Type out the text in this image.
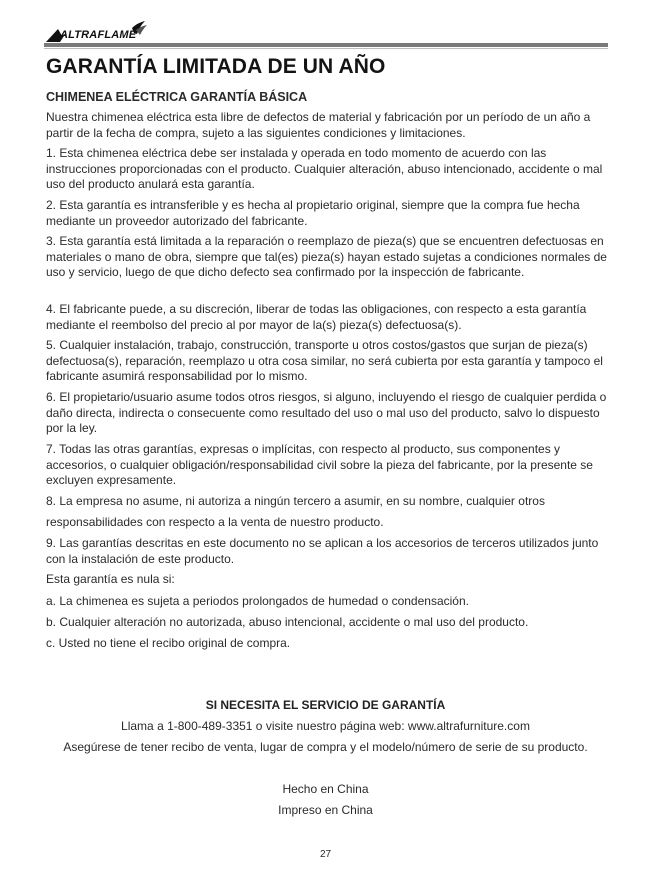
ALTRAFLAME
GARANTÍA LIMITADA DE UN AÑO
CHIMENEA ELÉCTRICA GARANTÍA BÁSICA

Nuestra chimenea eléctrica esta libre de defectos de material y fabricación por un período de un año a partir de la fecha de compra, sujeto a las siguientes condiciones y limitaciones.

1. Esta chimenea eléctrica debe ser instalada y operada en todo momento de acuerdo con las instrucciones proporcionadas con el producto. Cualquier alteración, abuso intencionado, accidente o mal uso del producto anulará esta garantía.

2. Esta garantía es intransferible y es hecha al propietario original, siempre que la compra fue hecha mediante un proveedor autorizado del fabricante.

3. Esta garantía está limitada a la reparación o reemplazo de pieza(s) que se encuentren defectuosas en materiales o mano de obra, siempre que tal(es) pieza(s) hayan estado sujetas a condiciones normales de uso y servicio, luego de que dicho defecto sea confirmado por la inspección de fabricante.

4. El fabricante puede, a su discreción, liberar de todas las obligaciones, con respecto a esta garantía mediante el reembolso del precio al por mayor de la(s) pieza(s) defectuosa(s).

5. Cualquier instalación, trabajo, construcción, transporte u otros costos/gastos que surjan de pieza(s) defectuosa(s), reparación, reemplazo u otra cosa similar, no será cubierta por esta garantía y tampoco el fabricante asumirá responsabilidad por lo mismo.

6. El propietario/usuario asume todos otros riesgos, si alguno, incluyendo el riesgo de cualquier perdida o daño directa, indirecta o consecuente como resultado del uso o mal uso del producto, salvo lo dispuesto por la ley.

7. Todas las otras garantías, expresas o implícitas, con respecto al producto, sus componentes y accesorios, o cualquier obligación/responsabilidad civil sobre la pieza del fabricante, por la presente se excluyen expresamente.

8. La empresa no asume, ni autoriza a ningún tercero a asumir, en su nombre, cualquier otros

responsabilidades con respecto a la venta de nuestro producto.

9. Las garantías descritas en este documento no se aplican a los accesorios de terceros utilizados junto con la instalación de este producto.

Esta garantía es nula si:

a. La chimenea es sujeta a periodos prolongados de humedad o condensación.

b. Cualquier alteración no autorizada, abuso intencional, accidente o mal uso del producto.

c. Usted no tiene el recibo original de compra.

SI NECESITA EL SERVICIO DE GARANTÍA

Llama a 1-800-489-3351 o visite nuestro página web: www.altrafurniture.com

Asegúrese de tener recibo de venta, lugar de compra y el modelo/número de serie de su producto.

Hecho en China

Impreso en China

27
